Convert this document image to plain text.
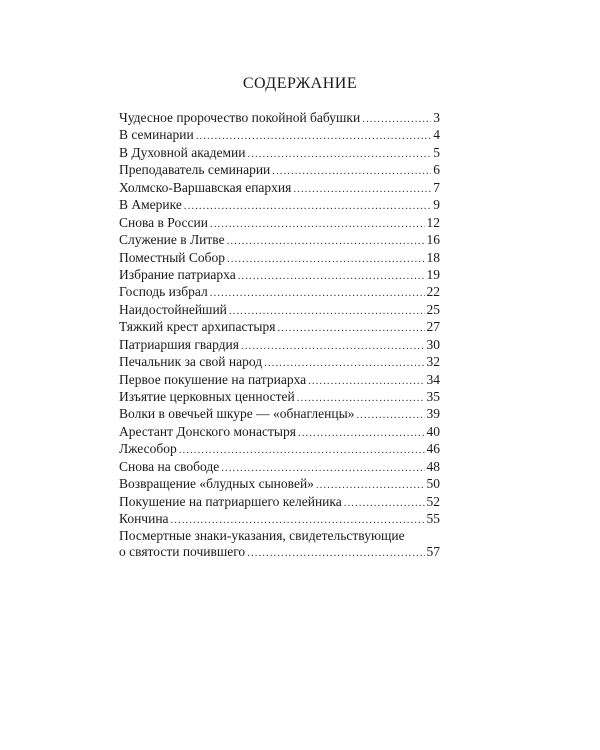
СОДЕРЖАНИЕ
Чудесное пророчество покойной бабушки .....	3
В семинарии .....	4
В Духовной академии .....	5
Преподаватель семинарии .....	6
Холмско-Варшавская епархия .....	7
В Америке .....	9
Снова в России .....	12
Служение в Литве .....	16
Поместный Собор .....	18
Избрание патриарха .....	19
Господь избрал .....	22
Наидостойнейший .....	25
Тяжкий крест архипастыря .....	27
Патриаршия гвардия .....	30
Печальник за свой народ .....	32
Первое покушение на патриарха .....	34
Изъятие церковных ценностей .....	35
Волки в овечьей шкуре — «обнагленцы» .....	39
Арестант Донского монастыря .....	40
Лжесобор .....	46
Снова на свободе .....	48
Возвращение «блудных сыновей» .....	50
Покушение на патриаршего келейника .....	52
Кончина .....	55
Посмертные знаки-указания, свидетельствующие
о святости почившего .....	57
